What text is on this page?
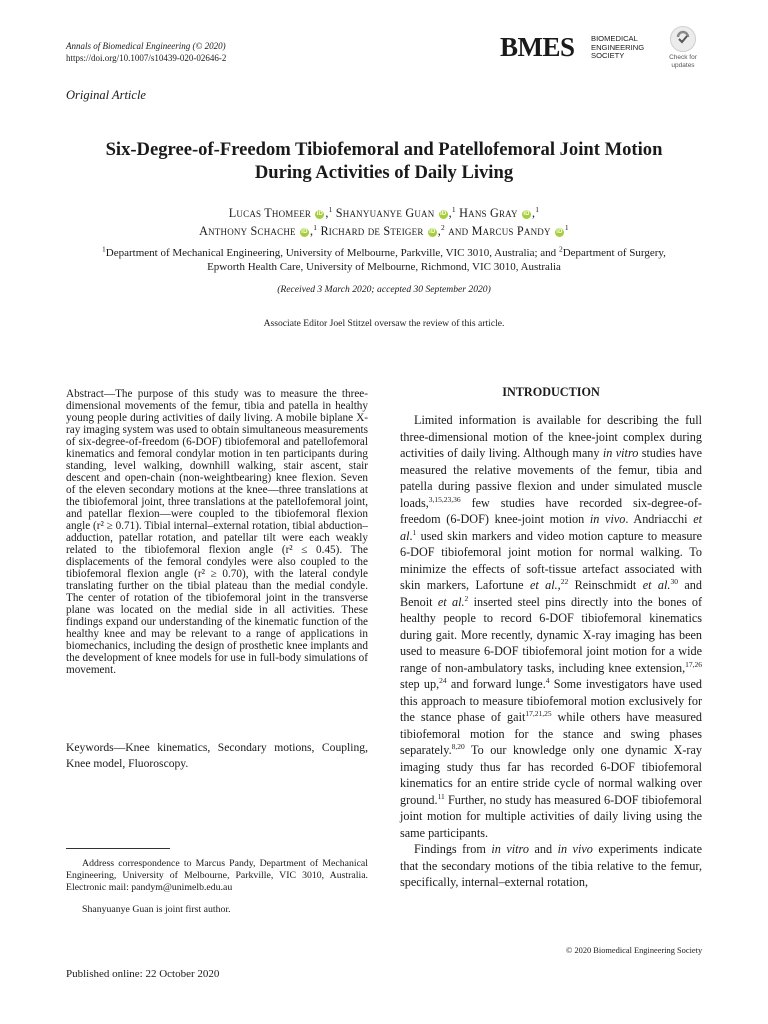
Annals of Biomedical Engineering (© 2020)
https://doi.org/10.1007/s10439-020-02646-2	BMES BIOMEDICAL
ENGINEERING
SOCIETY	Check for
updates
Original Article
Six-Degree-of-Freedom Tibiofemoral and Patellofemoral Joint Motion
During Activities of Daily Living
Lucas Thomeer iD ,$^1$ Shanyuanye Guan iD ,$^1$ Hans Gray iD ,$^1$
Anthony Schache iD ,$^1$ Richard de Steiger iD ,$^2$ and Marcus Pandy iD $^1$
$^1$Department of Mechanical Engineering, University of Melbourne, Parkville, VIC 3010, Australia; and $^2$Department of Surgery,
Epworth Health Care, University of Melbourne, Richmond, VIC 3010, Australia
(Received 3 March 2020; accepted 30 September 2020)
Associate Editor Joel Stitzel oversaw the review of this article.

Abstract—The purpose of this study was to measure the three-dimensional movements of the femur, tibia and patella in healthy young people during activities of daily living. A mobile biplane X-ray imaging system was used to obtain simultaneous measurements of six-degree-of-freedom (6-DOF) tibiofemoral and patellofemoral kinematics and femoral condylar motion in ten participants during standing, level walking, downhill walking, stair ascent, stair descent and open-chain (non-weightbearing) knee flexion. Seven of the eleven secondary motions at the knee—three translations at the tibiofemoral joint, three translations at the patellofemoral joint, and patellar flexion—were coupled to the tibiofemoral flexion angle (r² ≥ 0.71). Tibial internal–external rotation, tibial abduction–adduction, patellar rotation, and patellar tilt were each weakly related to the tibiofemoral flexion angle (r² ≤ 0.45). The displacements of the femoral condyles were also coupled to the tibiofemoral flexion angle (r² ≥ 0.70), with the lateral condyle translating further on the tibial plateau than the medial condyle. The center of rotation of the tibiofemoral joint in the transverse plane was located on the medial side in all activities. These findings expand our understanding of the kinematic function of the healthy knee and may be relevant to a range of applications in biomechanics, including the design of prosthetic knee implants and the development of knee models for use in full-body simulations of movement.

Keywords—Knee kinematics, Secondary motions, Coupling, Knee model, Fluoroscopy.

Address correspondence to Marcus Pandy, Department of Mechanical Engineering, University of Melbourne, Parkville, VIC 3010, Australia. Electronic mail: pandym@unimelb.edu.au
Shanyuanye Guan is joint first author.
INTRODUCTION

Limited information is available for describing the full three-dimensional motion of the knee-joint complex during activities of daily living. Although many in vitro studies have measured the relative movements of the femur, tibia and patella during passive flexion and under simulated muscle loads,$^{3,15,23,36}$ few studies have recorded six-degree-of-freedom (6-DOF) knee-joint motion in vivo. Andriacchi et al.$^1$ used skin markers and video motion capture to measure 6-DOF tibiofemoral joint motion for normal walking. To minimize the effects of soft-tissue artefact associated with skin markers, Lafortune et al.,$^{22}$ Reinschmidt et al.$^{30}$ and Benoit et al.$^2$ inserted steel pins directly into the bones of healthy people to record 6-DOF tibiofemoral kinematics during gait. More recently, dynamic X-ray imaging has been used to measure 6-DOF tibiofemoral joint motion for a wide range of non-ambulatory tasks, including knee extension,$^{17,26}$ step up,$^{24}$ and forward lunge.$^4$ Some investigators have used this approach to measure tibiofemoral motion exclusively for the stance phase of gait$^{17,21,25}$ while others have measured tibiofemoral motion for the stance and swing phases separately.$^{8,20}$ To our knowledge only one dynamic X-ray imaging study thus far has recorded 6-DOF tibiofemoral kinematics for an entire stride cycle of normal walking over ground.$^{11}$ Further, no study has measured 6-DOF tibiofemoral joint motion for multiple activities of daily living using the same participants.

Findings from in vitro and in vivo experiments indicate that the secondary motions of the tibia relative to the femur, specifically, internal–external rotation,

© 2020 Biomedical Engineering Society
Published online: 22 October 2020
